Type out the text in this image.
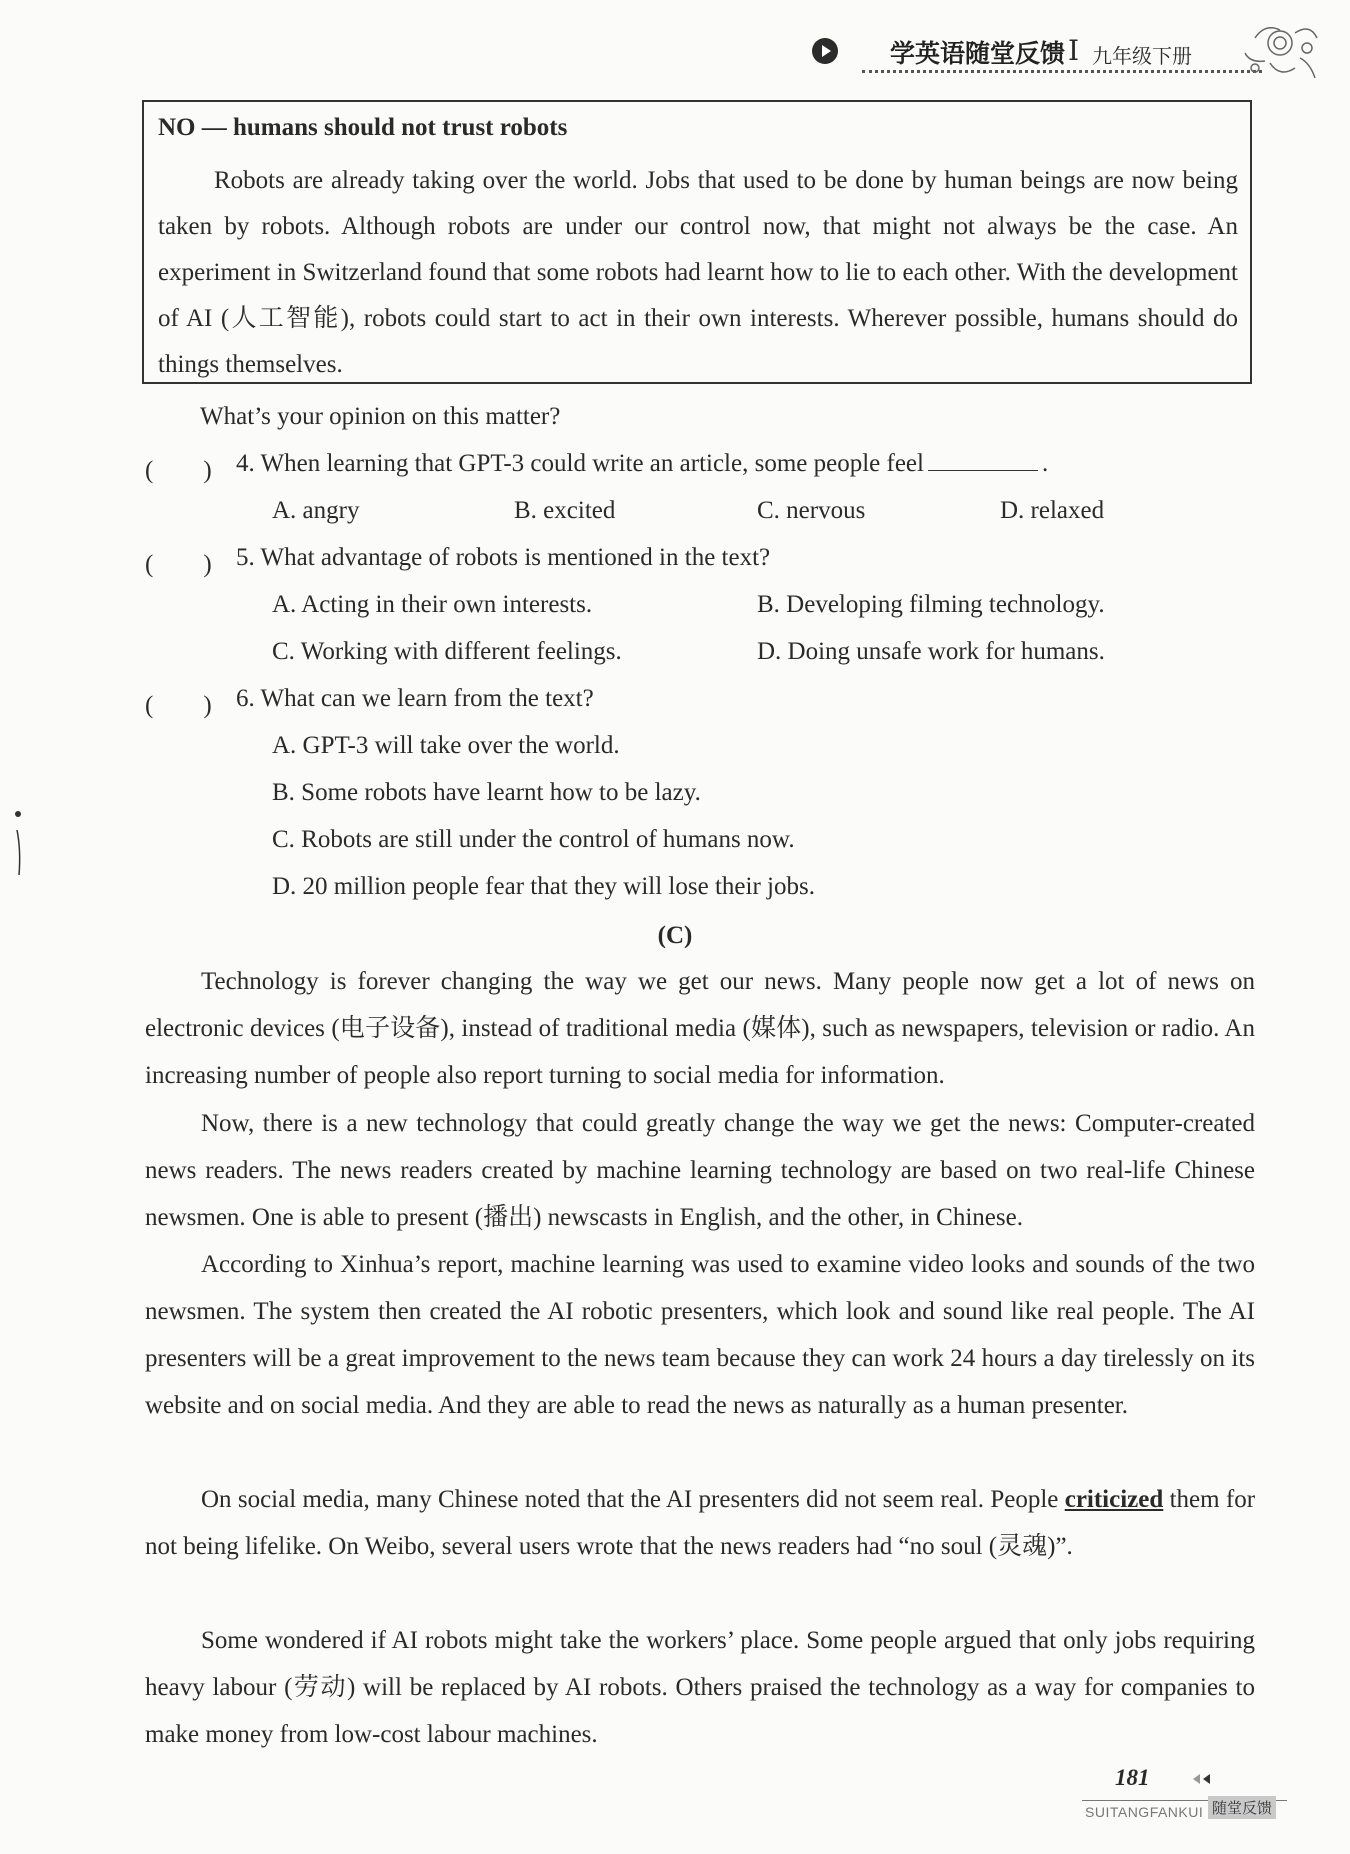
学英语随堂反馈 I 九年级下册
NO — humans should not trust robots
Robots are already taking over the world. Jobs that used to be done by human beings are now being taken by robots. Although robots are under our control now, that might not always be the case. An experiment in Switzerland found that some robots had learnt how to lie to each other. With the development of AI (人工智能), robots could start to act in their own interests. Wherever possible, humans should do things themselves.
What’s your opinion on this matter?
(　　) 4. When learning that GPT-3 could write an article, some people feel	.
A. angry	B. excited	C. nervous	D. relaxed
(　　) 5. What advantage of robots is mentioned in the text?
A. Acting in their own interests.	B. Developing filming technology.
C. Working with different feelings.	D. Doing unsafe work for humans.
(　　) 6. What can we learn from the text?
A. GPT-3 will take over the world.
B. Some robots have learnt how to be lazy.
C. Robots are still under the control of humans now.
D. 20 million people fear that they will lose their jobs.
(C)
Technology is forever changing the way we get our news. Many people now get a lot of news on electronic devices (电子设备), instead of traditional media (媒体), such as newspapers, television or radio. An increasing number of people also report turning to social media for information.
Now, there is a new technology that could greatly change the way we get the news: Computer-created news readers. The news readers created by machine learning technology are based on two real-life Chinese newsmen. One is able to present (播出) newscasts in English, and the other, in Chinese.
According to Xinhua’s report, machine learning was used to examine video looks and sounds of the two newsmen. The system then created the AI robotic presenters, which look and sound like real people. The AI presenters will be a great improvement to the news team because they can work 24 hours a day tirelessly on its website and on social media. And they are able to read the news as naturally as a human presenter.
On social media, many Chinese noted that the AI presenters did not seem real. People criticized them for not being lifelike. On Weibo, several users wrote that the news readers had “no soul (灵魂)”.
Some wondered if AI robots might take the workers’ place. Some people argued that only jobs requiring heavy labour (劳动) will be replaced by AI robots. Others praised the technology as a way for companies to make money from low-cost labour machines.
181
SUITANGFANKUI 随堂反馈
